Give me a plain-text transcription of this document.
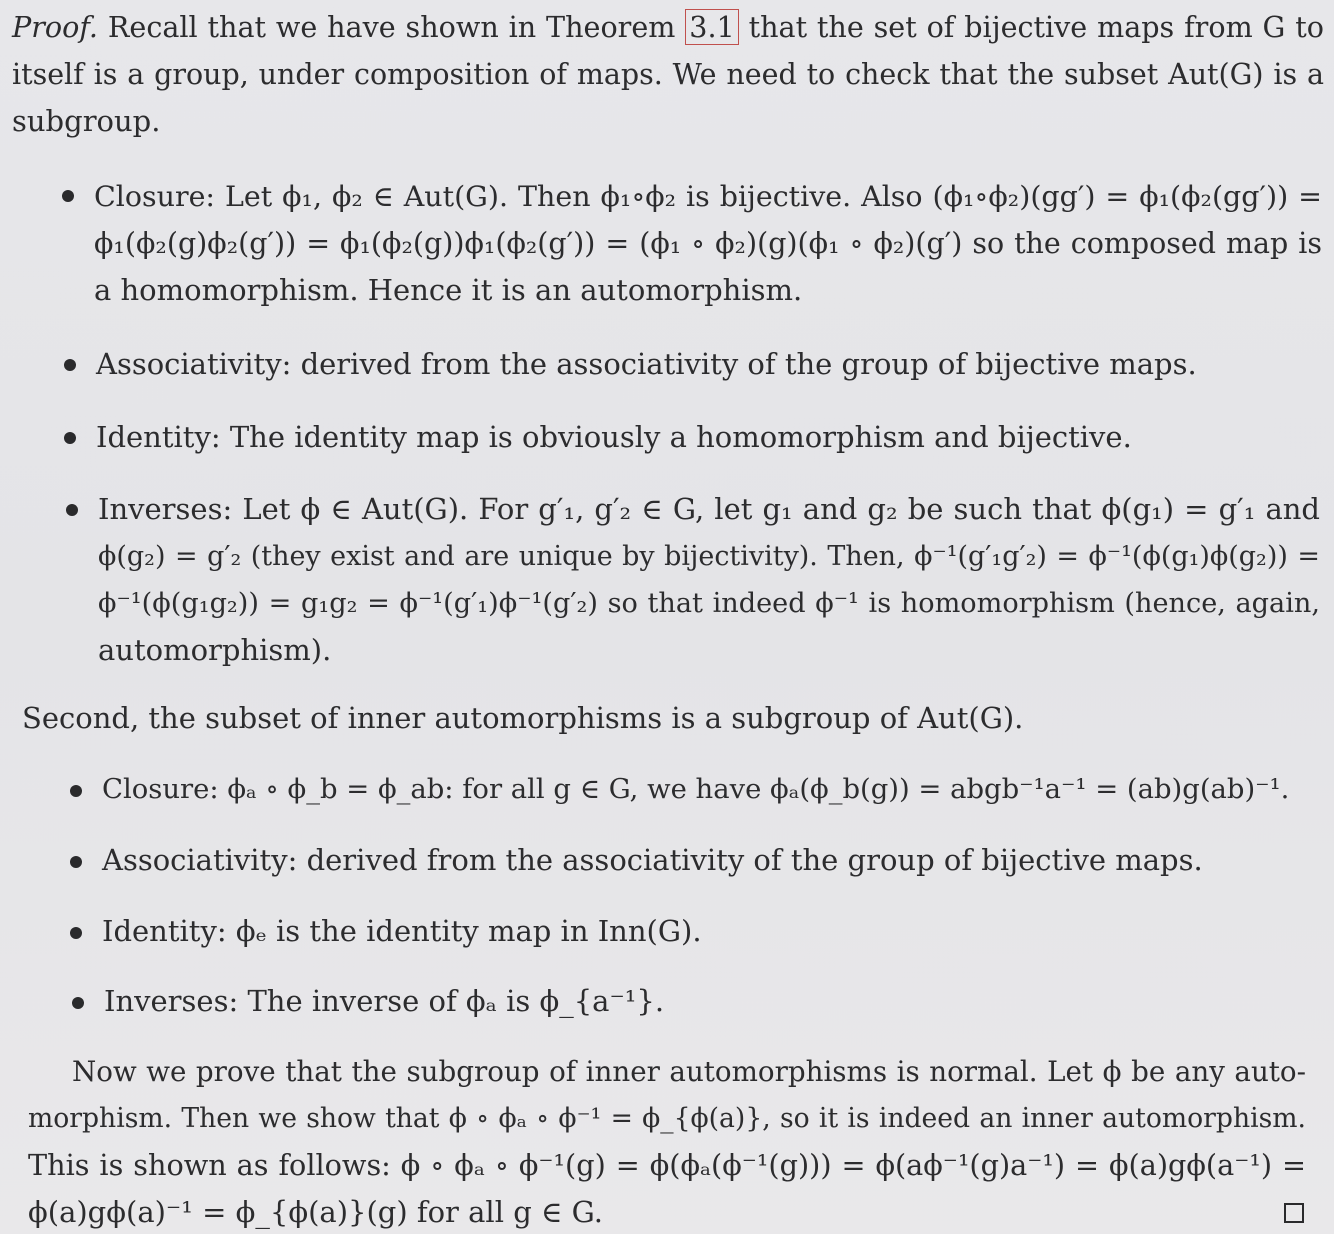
Proof. Recall that we have shown in Theorem 3.1 that the set of bijective maps from G to
itself is a group, under composition of maps. We need to check that the subset Aut(G) is a
subgroup.
Closure: Let ϕ₁, ϕ₂ ∈ Aut(G). Then ϕ₁∘ϕ₂ is bijective. Also (ϕ₁∘ϕ₂)(gg′) = ϕ₁(ϕ₂(gg′)) =
ϕ₁(ϕ₂(g)ϕ₂(g′)) = ϕ₁(ϕ₂(g))ϕ₁(ϕ₂(g′)) = (ϕ₁ ∘ ϕ₂)(g)(ϕ₁ ∘ ϕ₂)(g′) so the composed map is
a homomorphism. Hence it is an automorphism.
Associativity: derived from the associativity of the group of bijective maps.
Identity: The identity map is obviously a homomorphism and bijective.
Inverses: Let ϕ ∈ Aut(G). For g′₁, g′₂ ∈ G, let g₁ and g₂ be such that ϕ(g₁) = g′₁ and
ϕ(g₂) = g′₂ (they exist and are unique by bijectivity). Then, ϕ⁻¹(g′₁g′₂) = ϕ⁻¹(ϕ(g₁)ϕ(g₂)) =
ϕ⁻¹(ϕ(g₁g₂)) = g₁g₂ = ϕ⁻¹(g′₁)ϕ⁻¹(g′₂) so that indeed ϕ⁻¹ is homomorphism (hence, again,
automorphism).
Second, the subset of inner automorphisms is a subgroup of Aut(G).
Closure: ϕₐ ∘ ϕ_b = ϕ_ab: for all g ∈ G, we have ϕₐ(ϕ_b(g)) = abgb⁻¹a⁻¹ = (ab)g(ab)⁻¹.
Associativity: derived from the associativity of the group of bijective maps.
Identity: ϕₑ is the identity map in Inn(G).
Inverses: The inverse of ϕₐ is ϕ_{a⁻¹}.
Now we prove that the subgroup of inner automorphisms is normal. Let ϕ be any auto-
morphism. Then we show that ϕ ∘ ϕₐ ∘ ϕ⁻¹ = ϕ_{ϕ(a)}, so it is indeed an inner automorphism.
This is shown as follows: ϕ ∘ ϕₐ ∘ ϕ⁻¹(g) = ϕ(ϕₐ(ϕ⁻¹(g))) = ϕ(aϕ⁻¹(g)a⁻¹) = ϕ(a)gϕ(a⁻¹) =
ϕ(a)gϕ(a)⁻¹ = ϕ_{ϕ(a)}(g) for all g ∈ G.
